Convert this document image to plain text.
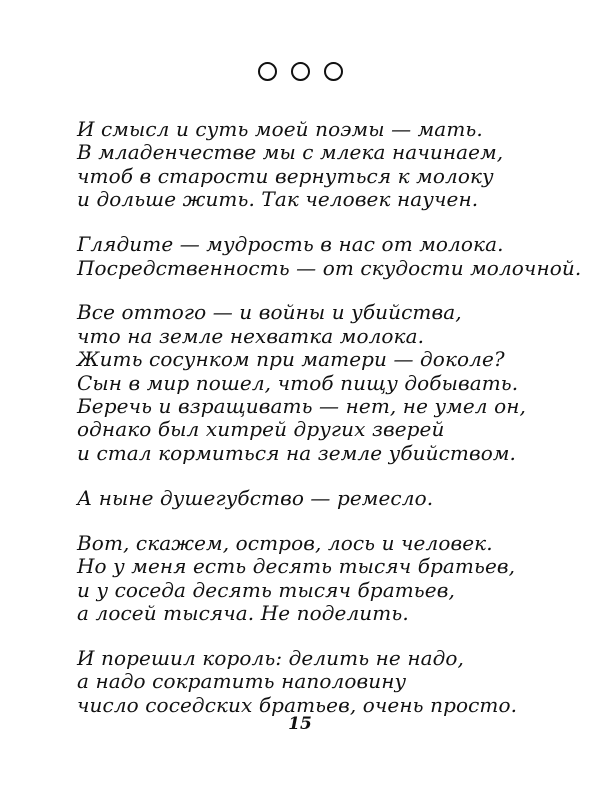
И смысл и суть моей поэмы — мать.
В младенчестве мы с млека начинаем,
чтоб в старости вернуться к молоку
и дольше жить. Так человек научен.
Глядите — мудрость в нас от молока.
Посредственность — от скудости молочной.
Все оттого — и войны и убийства,
что на земле нехватка молока.
Жить сосунком при матери — доколе?
Сын в мир пошел, чтоб пищу добывать.
Беречь и взращивать — нет, не умел он,
однако был хитрей других зверей
и стал кормиться на земле убийством.
А ныне душегубство — ремесло.
Вот, скажем, остров, лось и человек.
Но у меня есть десять тысяч братьев,
и у соседа десять тысяч братьев,
а лосей тысяча. Не поделить.
И порешил король: делить не надо,
а надо сократить наполовину
число соседских братьев, очень просто.
15
